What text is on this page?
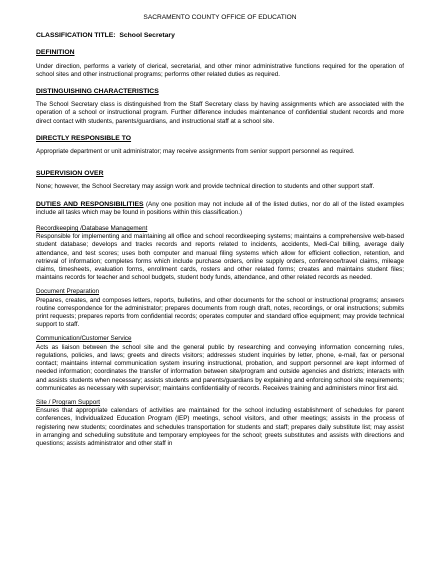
SACRAMENTO COUNTY OFFICE OF EDUCATION
CLASSIFICATION TITLE: School Secretary
DEFINITION
Under direction, performs a variety of clerical, secretarial, and other minor administrative functions required for the operation of school sites and other instructional programs; performs other related duties as required.
DISTINGUISHING CHARACTERISTICS
The School Secretary class is distinguished from the Staff Secretary class by having assignments which are associated with the operation of a school or instructional program. Further difference includes maintenance of confidential student records and more direct contact with students, parents/guardians, and instructional staff at a school site.
DIRECTLY RESPONSIBLE TO
Appropriate department or unit administrator; may receive assignments from senior support personnel as required.
SUPERVISION OVER
None; however, the School Secretary may assign work and provide technical direction to students and other support staff.
DUTIES AND RESPONSIBILITIES (Any one position may not include all of the listed duties, nor do all of the listed examples include all tasks which may be found in positions within this classification.)
Recordkeeping /Database Management
Responsible for implementing and maintaining all office and school recordkeeping systems; maintains a comprehensive web-based student database; develops and tracks records and reports related to incidents, accidents, Medi-Cal billing, average daily attendance, and test scores; uses both computer and manual filing systems which allow for efficient collection, retention, and retrieval of information; completes forms which include purchase orders, online supply orders, conference/travel claims, mileage claims, timesheets, evaluation forms, enrollment cards, rosters and other related forms; creates and maintains student files; maintains records for teacher and school budgets, student body funds, attendance, and other related records as needed.
Document Preparation
Prepares, creates, and composes letters, reports, bulletins, and other documents for the school or instructional programs; answers routine correspondence for the administrator; prepares documents from rough draft, notes, recordings, or oral instructions; submits print requests; prepares reports from confidential records; operates computer and standard office equipment; may provide technical support to staff.
Communication/Customer Service
Acts as liaison between the school site and the general public by researching and conveying information concerning rules, regulations, policies, and laws; greets and directs visitors; addresses student inquiries by letter, phone, e-mail, fax or personal contact; maintains internal communication system insuring instructional, probation, and support personnel are kept informed of needed information; coordinates the transfer of information between site/program and outside agencies and districts; interacts with and assists students when necessary; assists students and parents/guardians by explaining and enforcing school site requirements; communicates as necessary with supervisor; maintains confidentiality of records. Receives training and administers minor first aid.
Site / Program Support
Ensures that appropriate calendars of activities are maintained for the school including establishment of schedules for parent conferences, Individualized Education Program (IEP) meetings, school visitors, and other meetings; assists in the process of registering new students; coordinates and schedules transportation for students and staff; prepares daily substitute list; may assist in arranging and scheduling substitute and temporary employees for the school; greets substitutes and assists with directions and questions; assists administrator and other staff in
